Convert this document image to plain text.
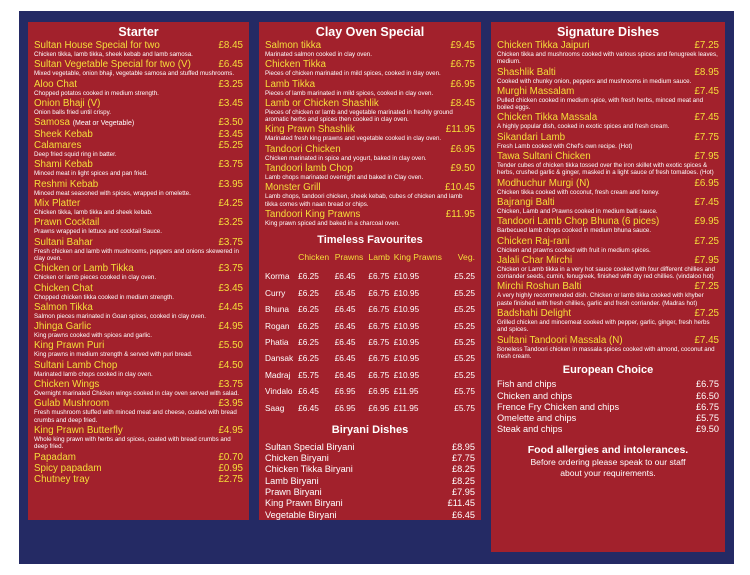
Starter
Sultan House Special for two	£8.45
Chicken tikka, lamb tikka, sheek kebab and lamb samosa.
Sultan Vegetable Special for two (V)	£6.45
Mixed vegetable, onion bhaji, vegetable samosa and stuffed mushrooms.
Aloo Chat	£3.25
Chopped potatos cooked in medium strength.
Onion Bhaji (V)	£3.45
Onion balls fried until crispy.
Samosa (Meat or Vegetable)	£3.50
Sheek Kebab	£3.45
Calamares	£5.25
Deep fried squid ring in batter.
Shami Kebab	£3.75
Minced meat in light spices and pan fried.
Reshmi Kebab	£3.95
Minced meat seasoned with spices, wrapped in omelette.
Mix Platter	£4.25
Chicken tikka, lamb tikka and sheek kebab.
Prawn Cocktail	£3.25
Prawns wrapped in lettuce and cocktail Sauce.
Sultani Bahar	£3.75
Fresh chicken and lamb with mushrooms, peppers and onions skewered in clay oven.
Chicken or Lamb Tikka	£3.75
Chicken or lamb pieces cooked in clay oven.
Chicken Chat	£3.45
Chopped chicken tikka cooked in medium strength.
Salmon Tikka	£4.45
Salmon pieces marinated in Goan spices, cooked in clay oven.
Jhinga Garlic	£4.95
King prawns cooked with spices and garlic.
King Prawn Puri	£5.50
King prawns in medium strength & served with puri bread.
Sultani Lamb Chop	£4.50
Marinated lamb chops cooked in clay oven.
Chicken Wings	£3.75
Overnight marinated Chicken wings cooked in clay oven served with salad.
Gulab Mushroom	£3.95
Fresh mushroom stuffed with minced meat and cheese, coated with bread crumbs and deep fried.
King Prawn Butterfly	£4.95
Whole king prawn with herbs and spices, coated with bread crumbs and deep fried.
Papadam	£0.70
Spicy papadam	£0.95
Chutney tray	£2.75
Clay Oven Special
Salmon tikka	£9.45
Marinated salmon cooked in clay oven.
Chicken Tikka	£6.75
Pieces of chicken marinated in mild spices, cooked in clay oven.
Lamb Tikka	£6.95
Pieces of lamb marinated in mild spices, cooked in clay oven.
Lamb or Chicken Shashlik	£8.45
Pieces of chicken or lamb and vegetable marinated in freshly ground aromatic herbs and spices then cooked in clay oven.
King Prawn Shashlik	£11.95
Marinated fresh king prawns and vegetable cooked in clay oven.
Tandoori Chicken	£6.95
Chicken marinated in spice and yogurt, baked in clay oven.
Tandoori lamb Chop	£9.50
Lamb chops marinated overnight and baked in Clay oven.
Monster Grill	£10.45
Lamb chops, tandoori chicken, sheek kebab, cubes of chicken and lamb tikka comes with naan bread or chips.
Tandoori King Prawns	£11.95
King prawn spiced and baked in a charcoal oven.
Timeless Favourites
	Chicken	Prawns	Lamb	King Prawns	Veg.
Korma	£6.25	£6.45	£6.75	£10.95	£5.25
Curry	£6.25	£6.45	£6.75	£10.95	£5.25
Bhuna	£6.25	£6.45	£6.75	£10.95	£5.25
Rogan	£6.25	£6.45	£6.75	£10.95	£5.25
Phatia	£6.25	£6.45	£6.75	£10.95	£5.25
Dansak	£6.25	£6.45	£6.75	£10.95	£5.25
Madraj	£5.75	£6.45	£6.75	£10.95	£5.25
Vindalo	£6.45	£6.95	£6.95	£11.95	£5.75
Saag	£6.45	£6.95	£6.95	£11.95	£5.75
Biryani Dishes
Sultan Special Biryani	£8.95
Chicken Biryani	£7.75
Chicken Tikka Biryani	£8.25
Lamb Biryani	£8.25
Prawn Biryani	£7.95
King Prawn Biryani	£11.45
Vegetable Biryani	£6.45
Signature Dishes
Chicken Tikka Jaipuri	£7.25
Chicken tikka and mushrooms cooked with various spices and fenugreek leaves, medium.
Shashlik Balti	£8.95
Cooked with chunky onion, peppers and mushrooms in medium sauce.
Murghi Massalam	£7.45
Pulled chicken cooked in medium spice, with fresh herbs, minced meat and boiled eggs.
Chicken Tikka Massala	£7.45
A highly popular dish, cooked in exotic spices and fresh cream.
Sikandari Lamb	£7.75
Fresh Lamb cooked with Chef's own recipe. (Hot)
Tawa Sultani Chicken	£7.95
Tender cubes of chicken tikka tossed over the iron skillet with exotic spices & herbs, crushed garlic & ginger, masked in a light sauce of fresh tomatoes. (Hot)
Modhuchur Murgi (N)	£6.95
Chicken tikka cooked with coconut, fresh cream and honey.
Bajrangi Balti	£7.45
Chicken, Lamb and Prawns cooked in medium balti sauce.
Tandoori Lamb Chop Bhuna (6 pices)	£9.95
Barbecued lamb chops cooked in medium bhuna sauce.
Chicken Raj-rani	£7.25
Chicken and prawns cooked with fruit in medium spices.
Jalali Char Mirchi	£7.95
Chicken or Lamb tikka in a very hot sauce cooked with four different chillies and corriander seeds, cumin, fenugreek, finished with dry red chillies. (vindaloo hot)
Mirchi Roshun Balti	£7.25
A very highly recommended dish. Chicken or lamb tikka cooked with khyber paste finished with fresh chillies, garlic and fresh corriander. (Madras hot)
Badshahi Delight	£7.25
Grilled chicken and mincemeat cooked with pepper, garlic, ginger, fresh herbs and spices.
Sultani Tandoori Massala (N)	£7.45
Boneless Tandoori chicken in massala spices cooked with almond, coconut and fresh cream.
European Choice
Fish and chips	£6.75
Chicken and chips	£6.50
Frence Fry Chicken and chips	£6.75
Omelette and chips	£5.75
Steak and chips	£9.50
Food allergies and intolerances.
Before ordering please speak to our staff
about your requirements.
